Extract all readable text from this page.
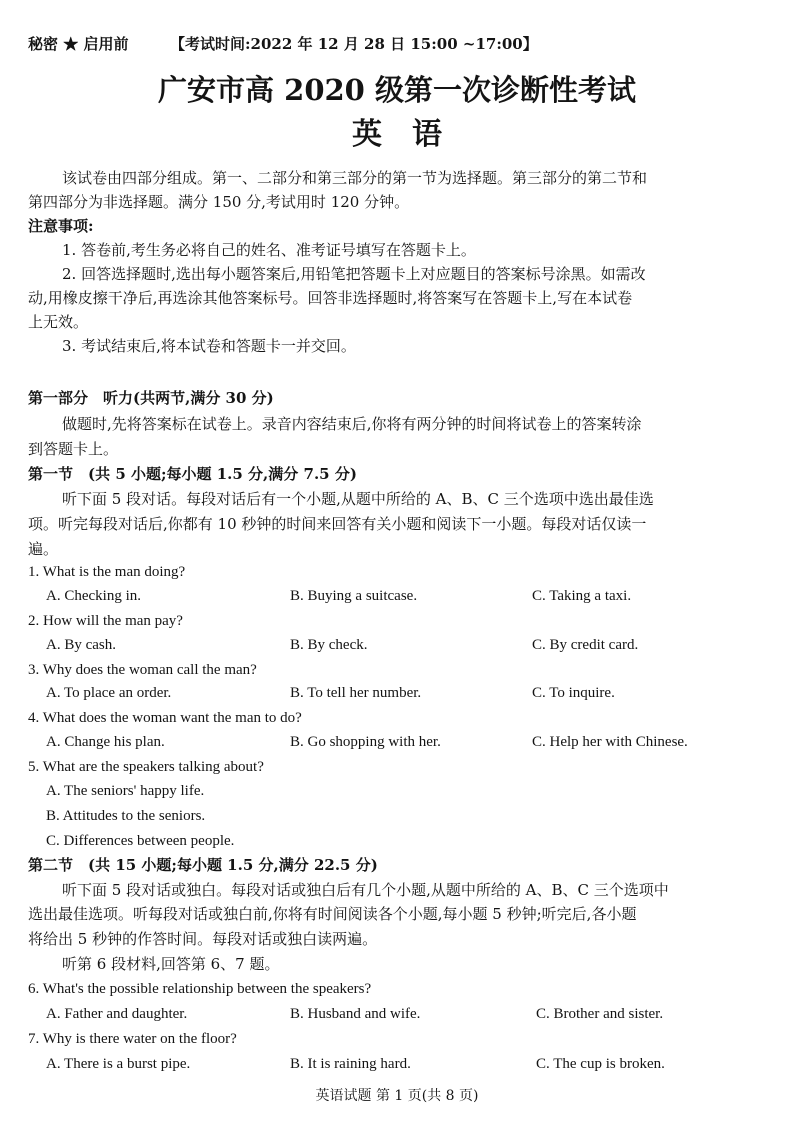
秘密 ★ 启用前	【考试时间:2022 年 12 月 28 日 15:00 ~17:00】
广安市高 2020 级第一次诊断性考试
英　语
该试卷由四部分组成。第一、二部分和第三部分的第一节为选择题。第三部分的第二节和
第四部分为非选择题。满分 150 分,考试用时 120 分钟。
注意事项:
1. 答卷前,考生务必将自己的姓名、准考证号填写在答题卡上。
2. 回答选择题时,选出每小题答案后,用铅笔把答题卡上对应题目的答案标号涂黑。如需改
动,用橡皮擦干净后,再选涂其他答案标号。回答非选择题时,将答案写在答题卡上,写在本试卷
上无效。
3. 考试结束后,将本试卷和答题卡一并交回。
第一部分　听力(共两节,满分 30 分)
做题时,先将答案标在试卷上。录音内容结束后,你将有两分钟的时间将试卷上的答案转涂
到答题卡上。
第一节　(共 5 小题;每小题 1.5 分,满分 7.5 分)
听下面 5 段对话。每段对话后有一个小题,从题中所给的 A、B、C 三个选项中选出最佳选
项。听完每段对话后,你都有 10 秒钟的时间来回答有关小题和阅读下一小题。每段对话仅读一
遍。
1. What is the man doing?
A. Checking in.	B. Buying a suitcase.	C. Taking a taxi.
2. How will the man pay?
A. By cash.	B. By check.	C. By credit card.
3. Why does the woman call the man?
A. To place an order.	B. To tell her number.	C. To inquire.
4. What does the woman want the man to do?
A. Change his plan.	B. Go shopping with her.	C. Help her with Chinese.
5. What are the speakers talking about?
A. The seniors' happy life.
B. Attitudes to the seniors.
C. Differences between people.
第二节　(共 15 小题;每小题 1.5 分,满分 22.5 分)
听下面 5 段对话或独白。每段对话或独白后有几个小题,从题中所给的 A、B、C 三个选项中
选出最佳选项。听每段对话或独白前,你将有时间阅读各个小题,每小题 5 秒钟;听完后,各小题
将给出 5 秒钟的作答时间。每段对话或独白读两遍。
听第 6 段材料,回答第 6、7 题。
6. What's the possible relationship between the speakers?
A. Father and daughter.	B. Husband and wife.	C. Brother and sister.
7. Why is there water on the floor?
A. There is a burst pipe.	B. It is raining hard.	C. The cup is broken.
英语试题 第 1 页(共 8 页)
